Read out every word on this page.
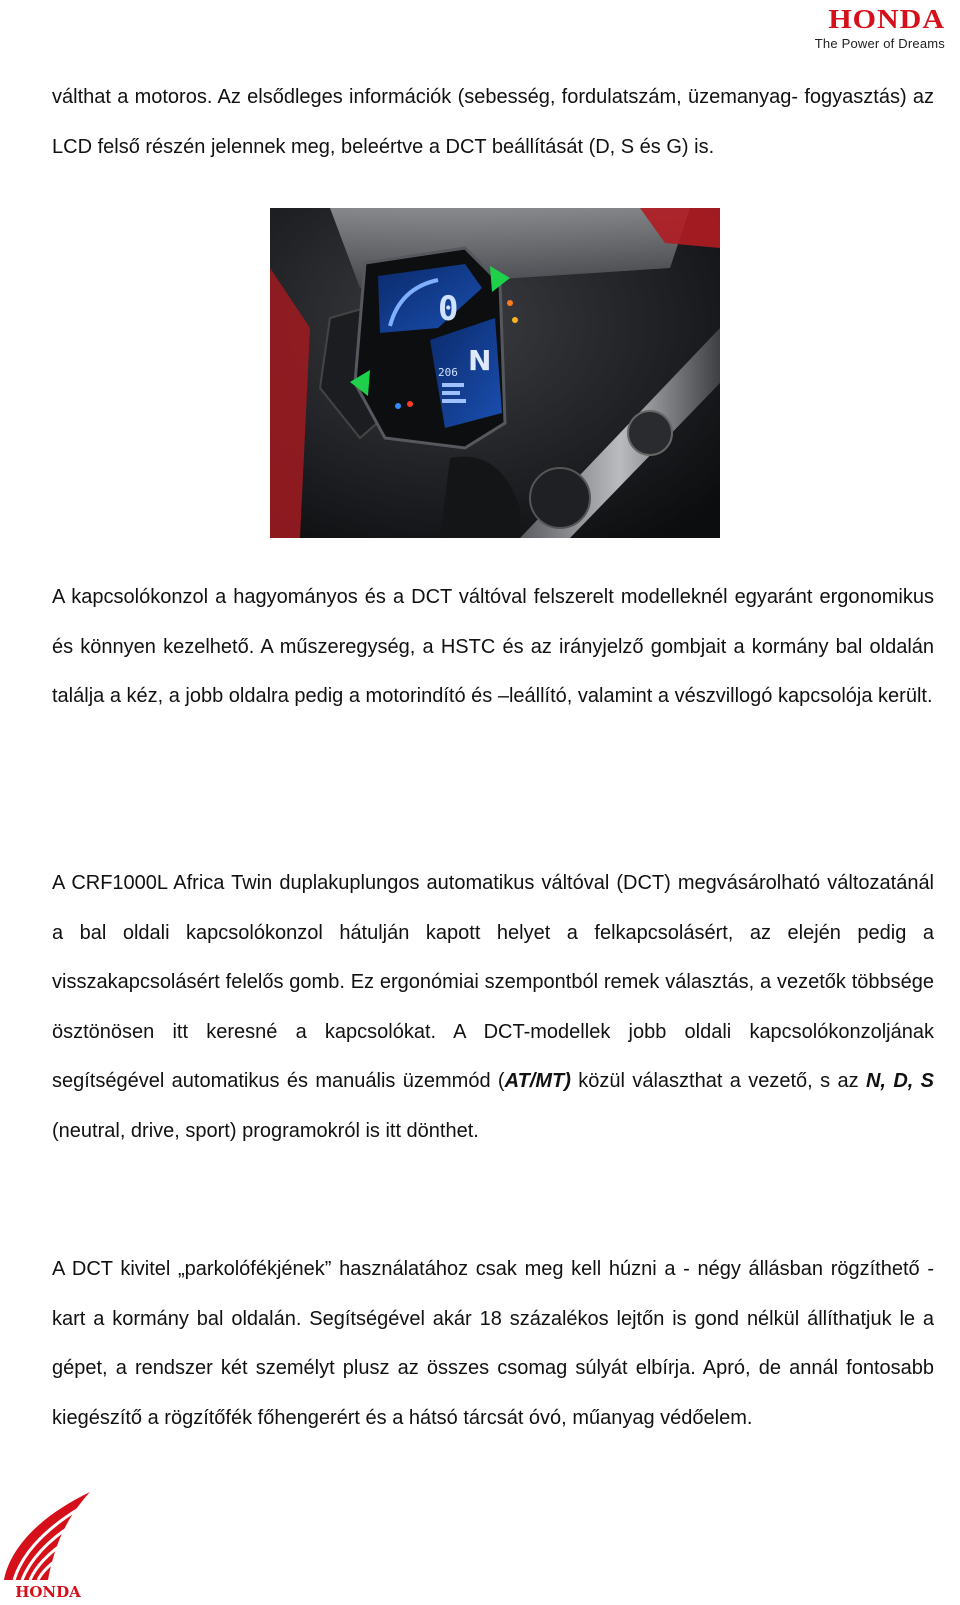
HONDA
The Power of Dreams
válthat a motoros. Az elsődleges információk (sebesség, fordulatszám, üzemanyag- fogyasztás) az LCD felső részén jelennek meg, beleértve a DCT beállítását (D, S és G) is.
0
N
206
A kapcsolókonzol a hagyományos és a DCT váltóval felszerelt modelleknél egyaránt ergonomikus és könnyen kezelhető. A műszeregység, a HSTC és az irányjelző gombjait a kormány bal oldalán találja a kéz, a jobb oldalra pedig a motorindító és –leállító, valamint a vészvillogó kapcsolója került.
A CRF1000L Africa Twin duplakuplungos automatikus váltóval (DCT) megvásárolható változatánál a bal oldali kapcsolókonzol hátulján kapott helyet a felkapcsolásért, az elején pedig a visszakapcsolásért felelős gomb. Ez ergonómiai szempontból remek választás, a vezetők többsége ösztönösen itt keresné a kapcsolókat. A DCT-modellek jobb oldali kapcsolókonzoljának segítségével automatikus és manuális üzemmód (AT/MT) közül választhat a vezető, s az N, D, S (neutral, drive, sport) programokról is itt dönthet.
A DCT kivitel „parkolófékjének” használatához csak meg kell húzni a - négy állásban rögzíthető - kart a kormány bal oldalán. Segítségével akár 18 százalékos lejtőn is gond nélkül állíthatjuk le a gépet, a rendszer két személyt plusz az összes csomag súlyát elbírja. Apró, de annál fontosabb kiegészítő a rögzítőfék főhengerért és a hátsó tárcsát óvó, műanyag védőelem.
HONDA
